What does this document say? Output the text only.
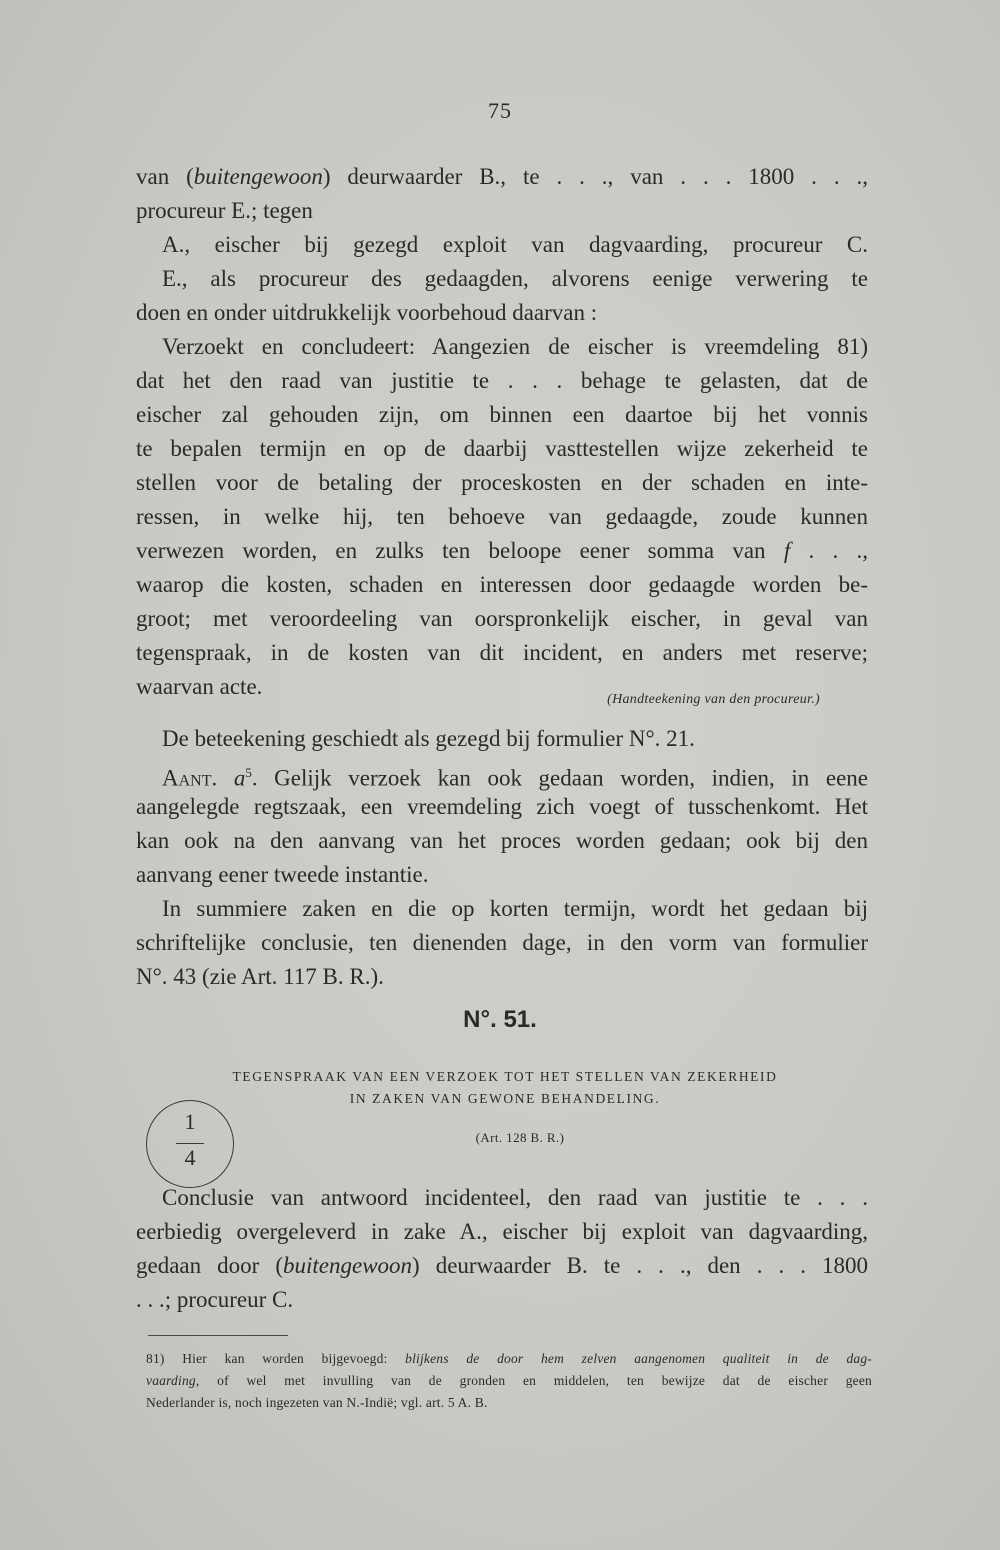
75
van (buitengewoon) deurwaarder B., te . . ., van . . . 1800 . . .,
procureur E.; tegen
A., eischer bij gezegd exploit van dagvaarding, procureur C.
E., als procureur des gedaagden, alvorens eenige verwering te
doen en onder uitdrukkelijk voorbehoud daarvan :
Verzoekt en concludeert: Aangezien de eischer is vreemdeling 81)
dat het den raad van justitie te . . . behage te gelasten, dat de
eischer zal gehouden zijn, om binnen een daartoe bij het vonnis
te bepalen termijn en op de daarbij vasttestellen wijze zekerheid te
stellen voor de betaling der proceskosten en der schaden en inte-
ressen, in welke hij, ten behoeve van gedaagde, zoude kunnen
verwezen worden, en zulks ten beloope eener somma van f . . .,
waarop die kosten, schaden en interessen door gedaagde worden be-
groot; met veroordeeling van oorspronkelijk eischer, in geval van
tegenspraak, in de kosten van dit incident, en anders met reserve;
waarvan acte.
(Handteekening van den procureur.)
De beteekening geschiedt als gezegd bij formulier N°. 21.
Aant. $a^5$. Gelijk verzoek kan ook gedaan worden, indien, in eene
aangelegde regtszaak, een vreemdeling zich voegt of tusschenkomt. Het
kan ook na den aanvang van het proces worden gedaan; ook bij den
aanvang eener tweede instantie.
In summiere zaken en die op korten termijn, wordt het gedaan bij
schriftelijke conclusie, ten dienenden dage, in den vorm van formulier
N°. 43 (zie Art. 117 B. R.).
N°. 51.
TEGENSPRAAK VAN EEN VERZOEK TOT HET STELLEN VAN ZEKERHEID
IN ZAKEN VAN GEWONE BEHANDELING.
(Art. 128 B. R.)
1
4
Conclusie van antwoord incidenteel, den raad van justitie te . . .
eerbiedig overgeleverd in zake A., eischer bij exploit van dagvaarding,
gedaan door (buitengewoon) deurwaarder B. te . . ., den . . . 1800
. . .; procureur C.
81) Hier kan worden bijgevoegd: blijkens de door hem zelven aangenomen qualiteit in de dag-
vaarding, of wel met invulling van de gronden en middelen, ten bewijze dat de eischer geen
Nederlander is, noch ingezeten van N.-Indië; vgl. art. 5 A. B.
